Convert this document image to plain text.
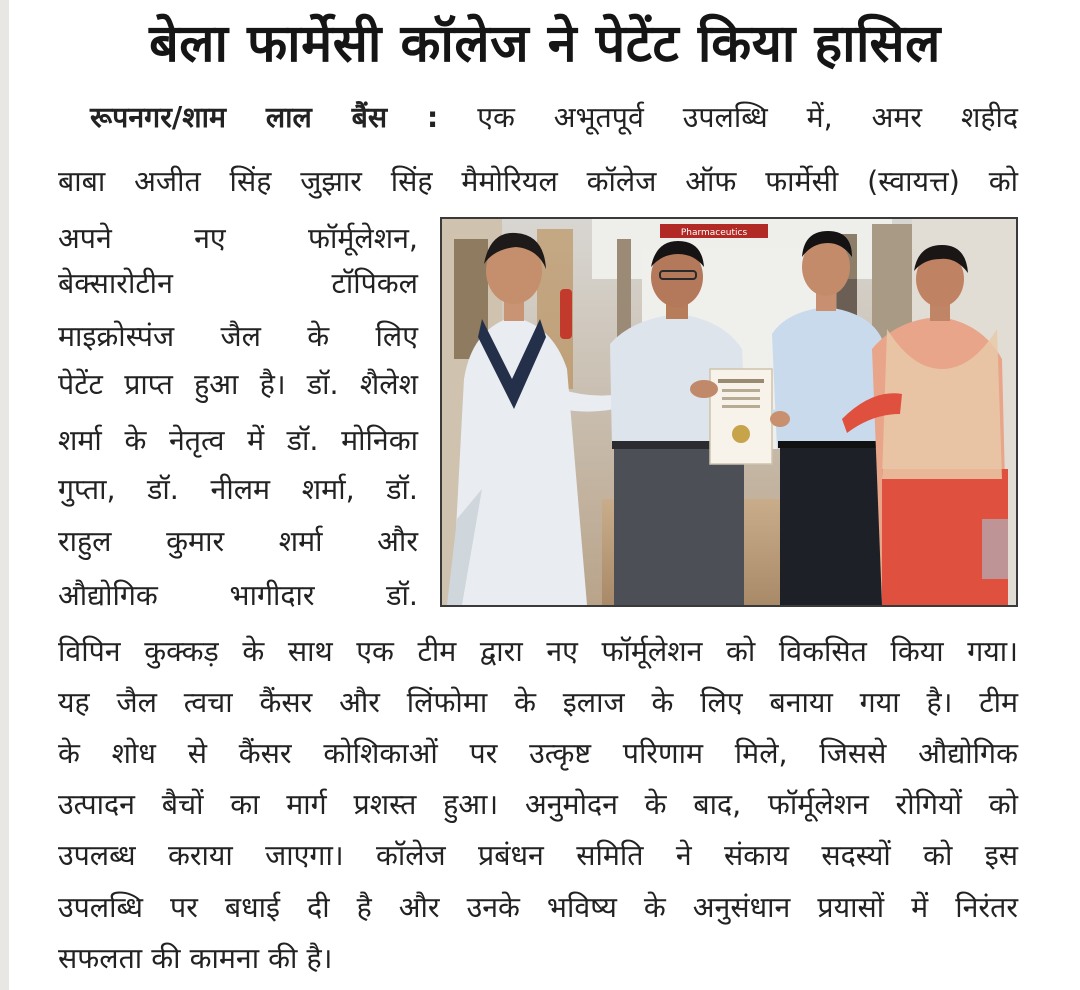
बेला फार्मेसी कॉलेज ने पेटेंट किया हासिल
रूपनगर/शाम लाल बैंस : एक अभूतपूर्व उपलब्धि में, अमर शहीद
बाबा अजीत सिंह जुझार सिंह मैमोरियल कॉलेज ऑफ फार्मेसी (स्वायत्त) को
अपने नए फॉर्मूलेशन,
बेक्सारोटीन टॉपिकल
माइक्रोस्पंज जैल के लिए
पेटेंट प्राप्त हुआ है। डॉ. शैलेश
शर्मा के नेतृत्व में डॉ. मोनिका
गुप्ता, डॉ. नीलम शर्मा, डॉ.
राहुल कुमार शर्मा और
औद्योगिक भागीदार डॉ.
विपिन कुक्कड़ के साथ एक टीम द्वारा नए फॉर्मूलेशन को विकसित किया गया।
यह जैल त्वचा कैंसर और लिंफोमा के इलाज के लिए बनाया गया है। टीम
के शोध से कैंसर कोशिकाओं पर उत्कृष्ट परिणाम मिले, जिससे औद्योगिक
उत्पादन बैचों का मार्ग प्रशस्त हुआ। अनुमोदन के बाद, फॉर्मूलेशन रोगियों को
उपलब्ध कराया जाएगा। कॉलेज प्रबंधन समिति ने संकाय सदस्यों को इस
उपलब्धि पर बधाई दी है और उनके भविष्य के अनुसंधान प्रयासों में निरंतर
सफलता की कामना की है।
Pharmaceutics
